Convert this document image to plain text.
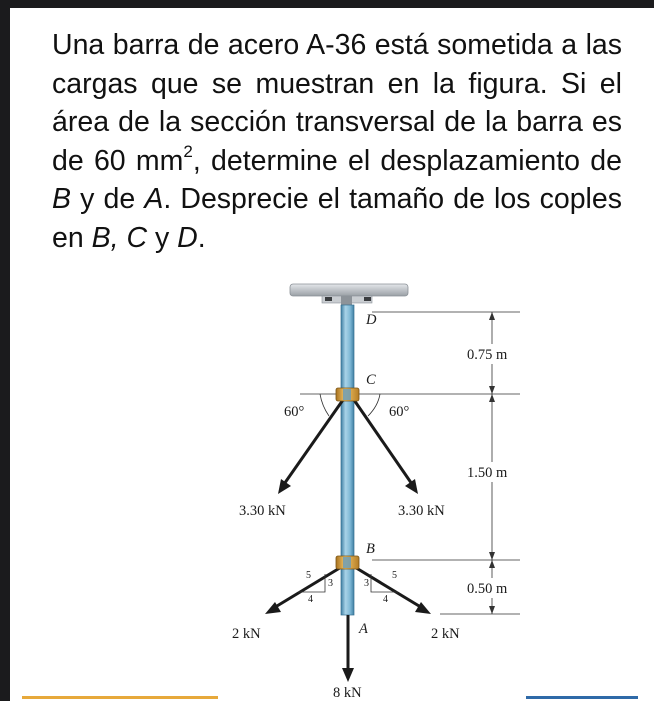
Una barra de acero A-36 está sometida a las cargas que se muestran en la figura. Si el área de la sección transversal de la barra es de 60 $mm^2$, determine el desplazamiento de B y de A. Desprecie el tamaño de los coples en B, C y D.

0.75 m
1.50 m
0.50 m
60°	60°
5
3
4
5
3
4
D
C
B
A
3.30 kN	3.30 kN
2 kN	2 kN
8 kN
